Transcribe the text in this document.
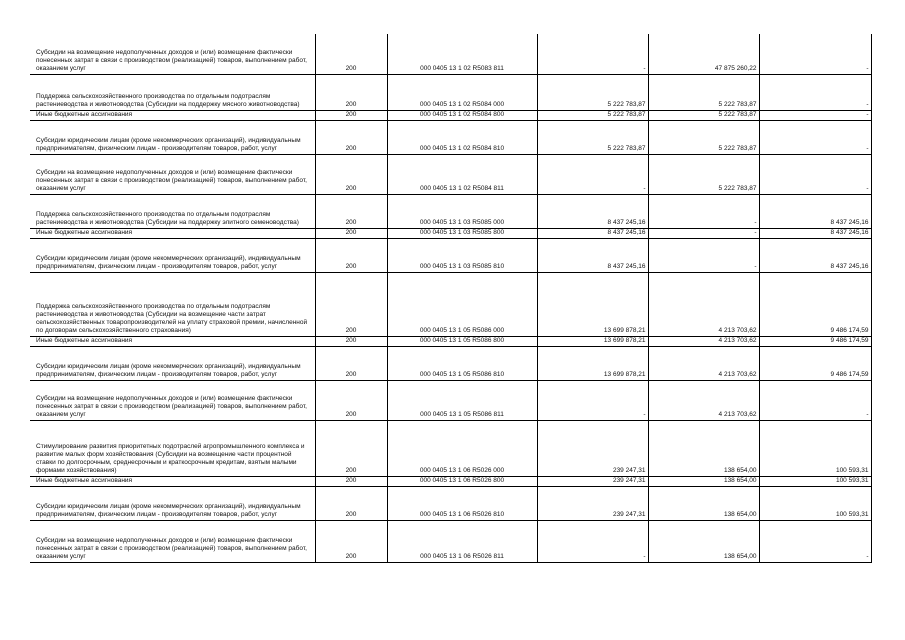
Субсидии на возмещение недополученных доходов и (или) возмещение фактически понесенных затрат в связи с производством (реализацией) товаров, выполнением работ, оказанием услуг	200	000 0405 13 1 02 R5083 811	-	47 875 260,22	-
Поддержка сельскохозяйственного производства по отдельным подотраслям растениеводства и животноводства (Субсидии на поддержку мясного животноводства)	200	000 0405 13 1 02 R5084 000	5 222 783,87	5 222 783,87	-
Иные бюджетные ассигнования	200	000 0405 13 1 02 R5084 800	5 222 783,87	5 222 783,87	-
Субсидии юридическим лицам (кроме некоммерческих организаций), индивидуальным предпринимателям, физическим лицам - производителям товаров, работ, услуг	200	000 0405 13 1 02 R5084 810	5 222 783,87	5 222 783,87	-
Субсидии на возмещение недополученных доходов и (или) возмещение фактически понесенных затрат в связи с производством (реализацией) товаров, выполнением работ, оказанием услуг	200	000 0405 13 1 02 R5084 811	-	5 222 783,87	-
Поддержка сельскохозяйственного производства по отдельным подотраслям растениеводства и животноводства (Субсидии на поддержку элитного семеноводства)	200	000 0405 13 1 03 R5085 000	8 437 245,16	-	8 437 245,16
Иные бюджетные ассигнования	200	000 0405 13 1 03 R5085 800	8 437 245,16	-	8 437 245,16
Субсидии юридическим лицам (кроме некоммерческих организаций), индивидуальным предпринимателям, физическим лицам - производителям товаров, работ, услуг	200	000 0405 13 1 03 R5085 810	8 437 245,16	-	8 437 245,16
Поддержка сельскохозяйственного производства по отдельным подотраслям растениеводства и животноводства (Субсидии на возмещение части затрат сельскохозяйственных товаропроизводителей на уплату страховой премии, начисленной по договорам сельскохозяйственного страхования)	200	000 0405 13 1 05 R5086 000	13 699 878,21	4 213 703,62	9 486 174,59
Иные бюджетные ассигнования	200	000 0405 13 1 05 R5086 800	13 699 878,21	4 213 703,62	9 486 174,59
Субсидии юридическим лицам (кроме некоммерческих организаций), индивидуальным предпринимателям, физическим лицам - производителям товаров, работ, услуг	200	000 0405 13 1 05 R5086 810	13 699 878,21	4 213 703,62	9 486 174,59
Субсидии на возмещение недополученных доходов и (или) возмещение фактически понесенных затрат в связи с производством (реализацией) товаров, выполнением работ, оказанием услуг	200	000 0405 13 1 05 R5086 811	-	4 213 703,62	-
Стимулирование развития приоритетных подотраслей агропромышленного комплекса и развитие малых форм хозяйствования (Субсидии на возмещение части процентной ставки по долгосрочным, среднесрочным и краткосрочным кредитам, взятым малыми формами хозяйствования)	200	000 0405 13 1 06 R5026 000	239 247,31	138 654,00	100 593,31
Иные бюджетные ассигнования	200	000 0405 13 1 06 R5026 800	239 247,31	138 654,00	100 593,31
Субсидии юридическим лицам (кроме некоммерческих организаций), индивидуальным предпринимателям, физическим лицам - производителям товаров, работ, услуг	200	000 0405 13 1 06 R5026 810	239 247,31	138 654,00	100 593,31
Субсидии на возмещение недополученных доходов и (или) возмещение фактически понесенных затрат в связи с производством (реализацией) товаров, выполнением работ, оказанием услуг	200	000 0405 13 1 06 R5026 811	-	138 654,00	-
